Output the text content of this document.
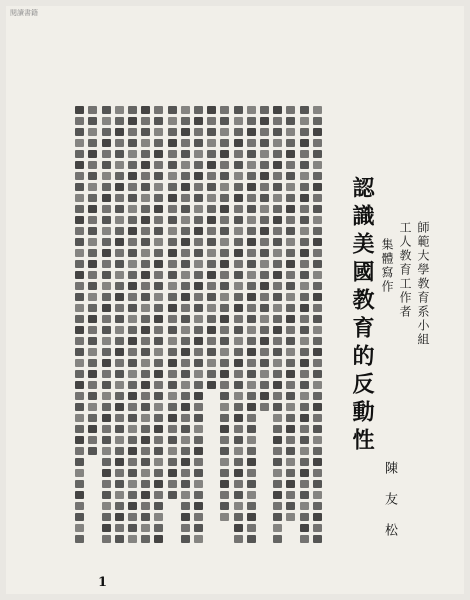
閱讀書籍
認識美國教育的反動性	師範大學教育系小組
工人教育工作者
集體寫作
陳友松
1
